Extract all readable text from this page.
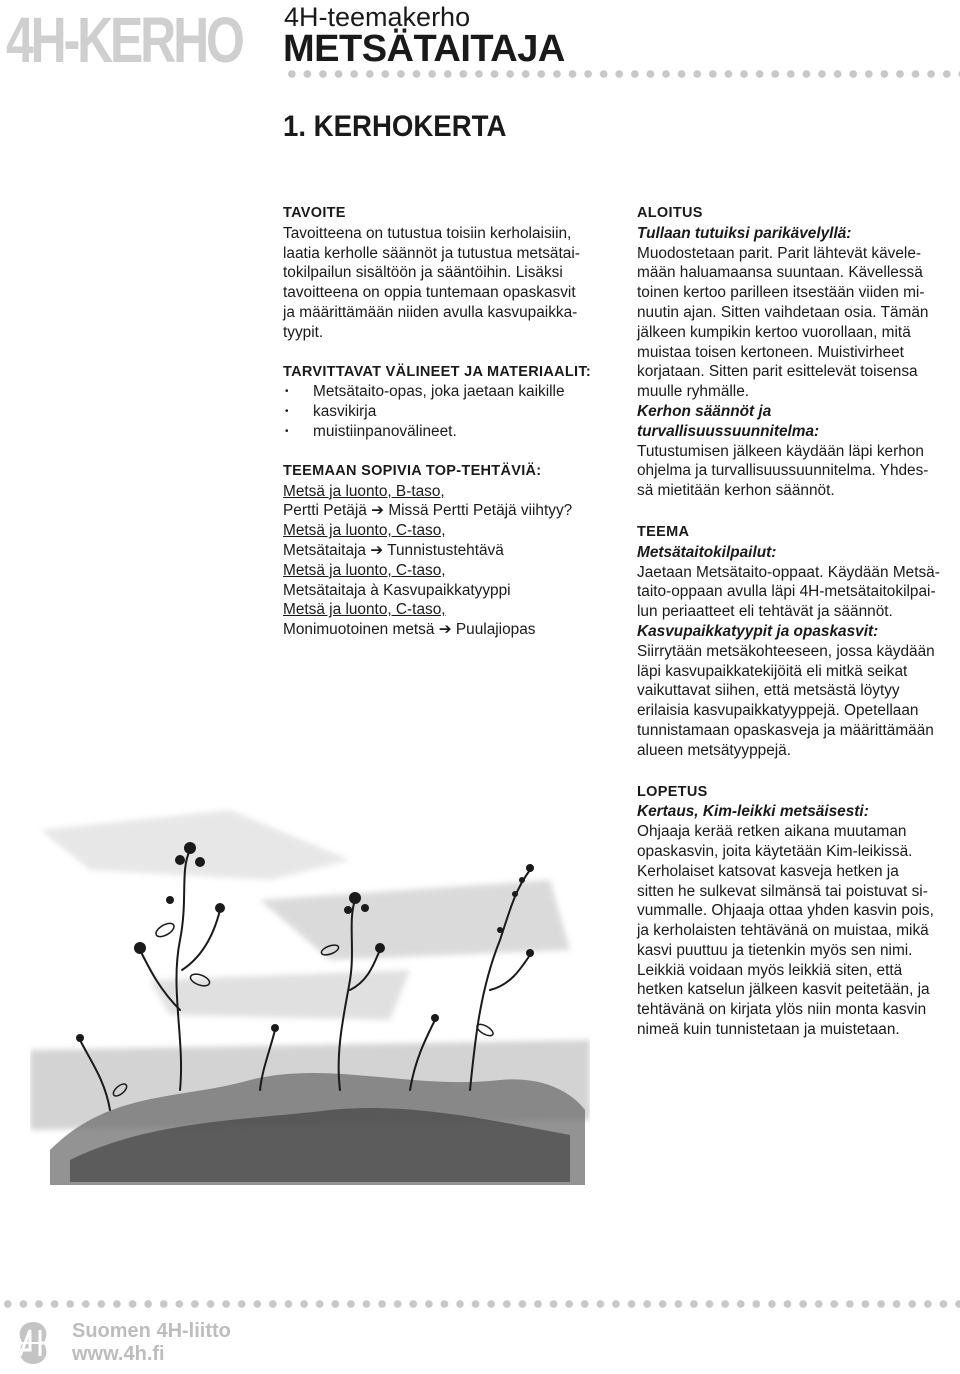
4H-KERHO 4H-teemakerho
METSÄTAITAJA
1. KERHOKERTA
TAVOITE
Tavoitteena on tutustua toisiin kerholaisiin,
laatia kerholle säännöt ja tutustua metsätai-
tokilpailun sisältöön ja sääntöihin. Lisäksi
tavoitteena on oppia tuntemaan opaskasvit
ja määrittämään niiden avulla kasvupaikka-
tyypit.
TARVITTAVAT VÄLINEET JA MATERIAALIT:
• Metsätaito-opas, joka jaetaan kaikille
• kasvikirja
• muistiinpanovälineet.
TEEMAAN SOPIVIA TOP-TEHTÄVIÄ:
Metsä ja luonto, B-taso,
Pertti Petäjä ➔ Missä Pertti Petäjä viihtyy?
Metsä ja luonto, C-taso,
Metsätaitaja ➔ Tunnistustehtävä
Metsä ja luonto, C-taso,
Metsätaitaja à Kasvupaikkatyyppi
Metsä ja luonto, C-taso,
Monimuotoinen metsä ➔ Puulajiopas
ALOITUS
Tullaan tutuiksi parikävelyllä:
Muodostetaan parit. Parit lähtevät kävele-
mään haluamaansa suuntaan. Kävellessä
toinen kertoo parilleen itsestään viiden mi-
nuutin ajan. Sitten vaihdetaan osia. Tämän
jälkeen kumpikin kertoo vuorollaan, mitä
muistaa toisen kertoneen. Muistivirheet
korjataan. Sitten parit esittelevät toisensa
muulle ryhmälle.
Kerhon säännöt ja turvallisuussuunnitelma:
Tutustumisen jälkeen käydään läpi kerhon
ohjelma ja turvallisuussuunnitelma. Yhdes-
sä mietitään kerhon säännöt.
TEEMA
Metsätaitokilpailut:
Jaetaan Metsätaito-oppaat. Käydään Metsä-
taito-oppaan avulla läpi 4H-metsätaitokilpai-
lun periaatteet eli tehtävät ja säännöt.
Kasvupaikkatyypit ja opaskasvit:
Siirrytään metsäkohteeseen, jossa käydään
läpi kasvupaikkatekijöitä eli mitkä seikat
vaikuttavat siihen, että metsästä löytyy
erilaisia kasvupaikkatyyppejä. Opetellaan
tunnistamaan opaskasveja ja määrittämään
alueen metsätyyppejä.
LOPETUS
Kertaus, Kim-leikki metsäisesti:
Ohjaaja kerää retken aikana muutaman
opaskasvin, joita käytetään Kim-leikissä.
Kerholaiset katsovat kasveja hetken ja
sitten he sulkevat silmänsä tai poistuvat si-
vummalle. Ohjaaja ottaa yhden kasvin pois,
ja kerholaisten tehtävänä on muistaa, mikä
kasvi puuttuu ja tietenkin myös sen nimi.
Leikkiä voidaan myös leikkiä siten, että
hetken katselun jälkeen kasvit peitetään, ja
tehtävänä on kirjata ylös niin monta kasvin
nimeä kuin tunnistetaan ja muistetaan.
Suomen 4H-liitto
www.4h.fi
